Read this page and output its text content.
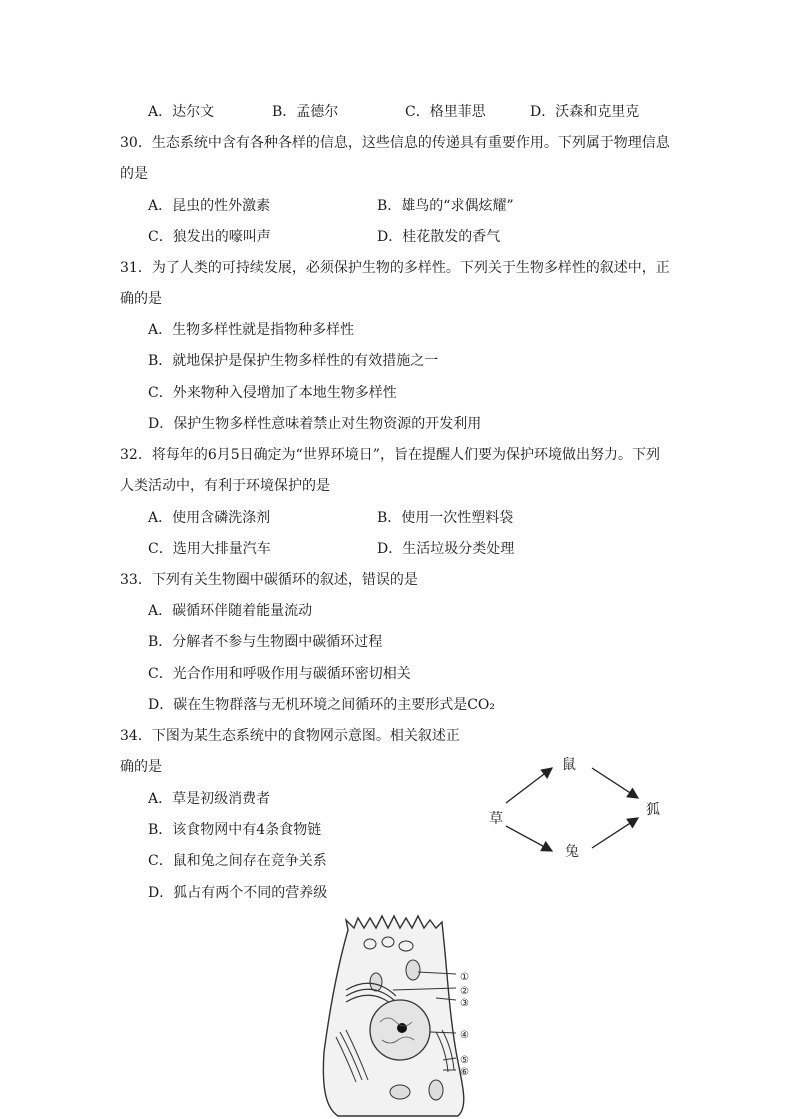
A．达尔文	B．孟德尔	C．格里菲思	D．沃森和克里克
30．生态系统中含有各种各样的信息，这些信息的传递具有重要作用。下列属于物理信息
的是
A．昆虫的性外激素	B．雄鸟的“求偶炫耀”
C．狼发出的嚎叫声	D．桂花散发的香气
31．为了人类的可持续发展，必须保护生物的多样性。下列关于生物多样性的叙述中，正
确的是
A．生物多样性就是指物种多样性
B．就地保护是保护生物多样性的有效措施之一
C．外来物种入侵增加了本地生物多样性
D．保护生物多样性意味着禁止对生物资源的开发利用
32．将每年的6月5日确定为“世界环境日”，旨在提醒人们要为保护环境做出努力。下列
人类活动中，有利于环境保护的是
A．使用含磷洗涤剂	B．使用一次性塑料袋
C．选用大排量汽车	D．生活垃圾分类处理
33．下列有关生物圈中碳循环的叙述，错误的是
A．碳循环伴随着能量流动
B．分解者不参与生物圈中碳循环过程
C．光合作用和呼吸作用与碳循环密切相关
D．碳在生物群落与无机环境之间循环的主要形式是CO₂
34．下图为某生态系统中的食物网示意图。相关叙述正
确的是
A．草是初级消费者
B．该食物网中有4条食物链
C．鼠和兔之间存在竞争关系
D．狐占有两个不同的营养级
草
鼠
兔
狐
①
②
③
④
⑤
⑥
